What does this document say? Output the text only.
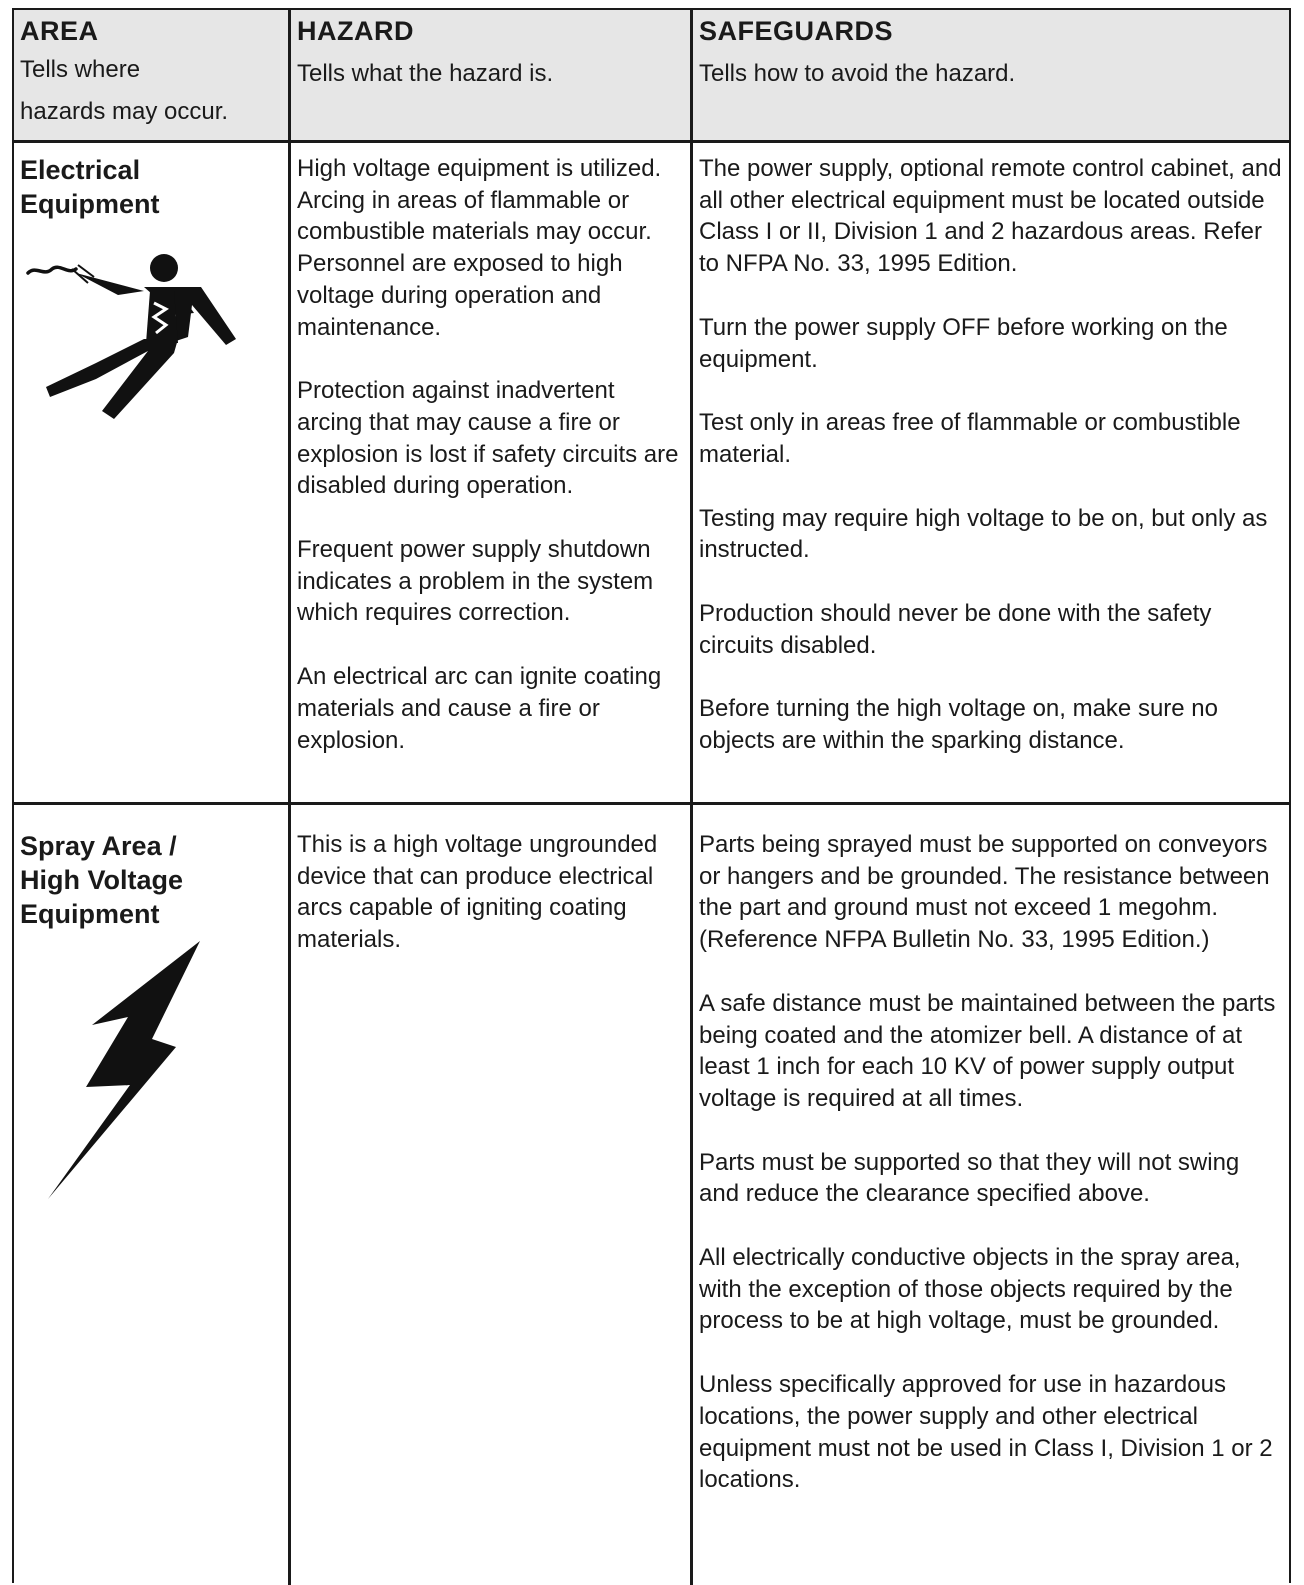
AREA
Tells where
hazards may occur.
HAZARD
Tells what the hazard is.
SAFEGUARDS
Tells how to avoid the hazard.
Electrical
Equipment

High voltage equipment is utilized. Arcing in areas of flammable or combustible materials may occur. Personnel are exposed to high voltage during operation and maintenance.

Protection against inadvertent arcing that may cause a fire or explosion is lost if safety circuits are disabled during operation.

Frequent power supply shutdown indicates a problem in the system which requires correction.

An electrical arc can ignite coating materials and cause a fire or explosion.

The power supply, optional remote control cabinet, and all other electrical equipment must be located outside Class I or II, Division 1 and 2 hazardous areas. Refer to NFPA No. 33, 1995 Edition.

Turn the power supply OFF before working on the equipment.

Test only in areas free of flammable or combustible material.

Testing may require high voltage to be on, but only as instructed.

Production should never be done with the safety circuits disabled.

Before turning the high voltage on, make sure no objects are within the sparking distance.

Spray Area /
High Voltage
Equipment

This is a high voltage ungrounded device that can produce electrical arcs capable of igniting coating materials.

Parts being sprayed must be supported on conveyors or hangers and be grounded. The resistance between the part and ground must not exceed 1 megohm. (Reference NFPA Bulletin No. 33, 1995 Edition.)

A safe distance must be maintained between the parts being coated and the atomizer bell. A distance of at least 1 inch for each 10 KV of power supply output voltage is required at all times.

Parts must be supported so that they will not swing and reduce the clearance specified above.

All electrically conductive objects in the spray area, with the exception of those objects required by the process to be at high voltage, must be grounded.

Unless specifically approved for use in hazardous locations, the power supply and other electrical equipment must not be used in Class I, Division 1 or 2 locations.
